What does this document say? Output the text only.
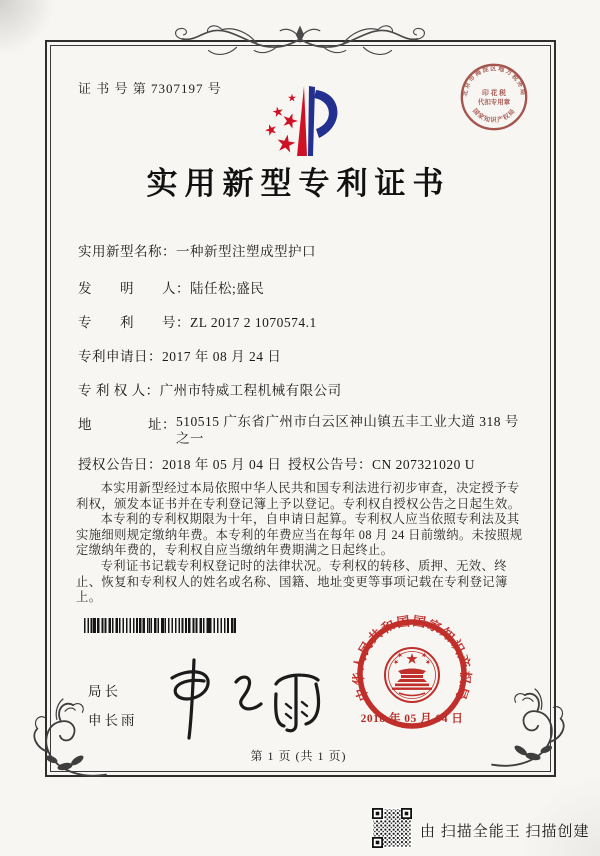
北京市海淀区地方税务局
国家知识产权局
印 花 税
代扣专用章
证 书 号 第 7307197 号
实用新型专利证书
实用新型名称：一种新型注塑成型护口
发　　明　　人：陆任松;盛民
专　　利　　号：ZL 2017 2 1070574.1
专利申请日：2017 年 08 月 24 日
专 利 权 人：广州市特威工程机械有限公司
地　　　　址：510515 广东省广州市白云区神山镇五丰工业大道 318 号之一
授权公告日：2018 年 05 月 04 日 授权公告号：CN 207321020 U

本实用新型经过本局依照中华人民共和国专利法进行初步审查，决定授予专利权，颁发本证书并在专利登记簿上予以登记。专利权自授权公告之日起生效。

本专利的专利权期限为十年，自申请日起算。专利权人应当依照专利法及其实施细则规定缴纳年费。本专利的年费应当在每年 08 月 24 日前缴纳。未按照规定缴纳年费的，专利权自应当缴纳年费期满之日起终止。

专利证书记载专利权登记时的法律状况。专利权的转移、质押、无效、终止、恢复和专利权人的姓名或名称、国籍、地址变更等事项记载在专利登记簿上。

局长
申长雨
中华人民共和国国家知识产权局
2018 年 05 月 04 日
第 1 页 (共 1 页)
由 扫描全能王 扫描创建
